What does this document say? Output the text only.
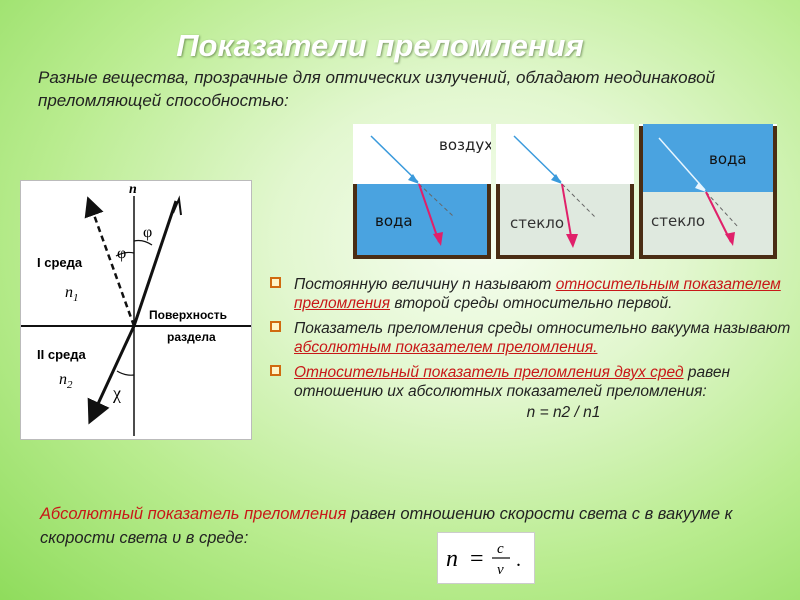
Показатели преломления
Разные вещества, прозрачные для оптических излучений, обладают неодинаковой преломляющей способностью:
n
I среда
$n_1$
φ
φ
Поверхность
раздела
II среда
$n_2$ χ
воздух
вода	стекло
вода
стекло
Постоянную величину n называют относительным показателем преломления второй среды относительно первой.
Показатель преломления среды относительно вакуума называют абсолютным показателем преломления.
Относительный показатель преломления двух сред равен отношению их абсолютных показателей преломления:
n = n2 / n1
Абсолютный показатель преломления равен отношению скорости света с в вакууме к скорости света υ в среде:
n = c
v .
